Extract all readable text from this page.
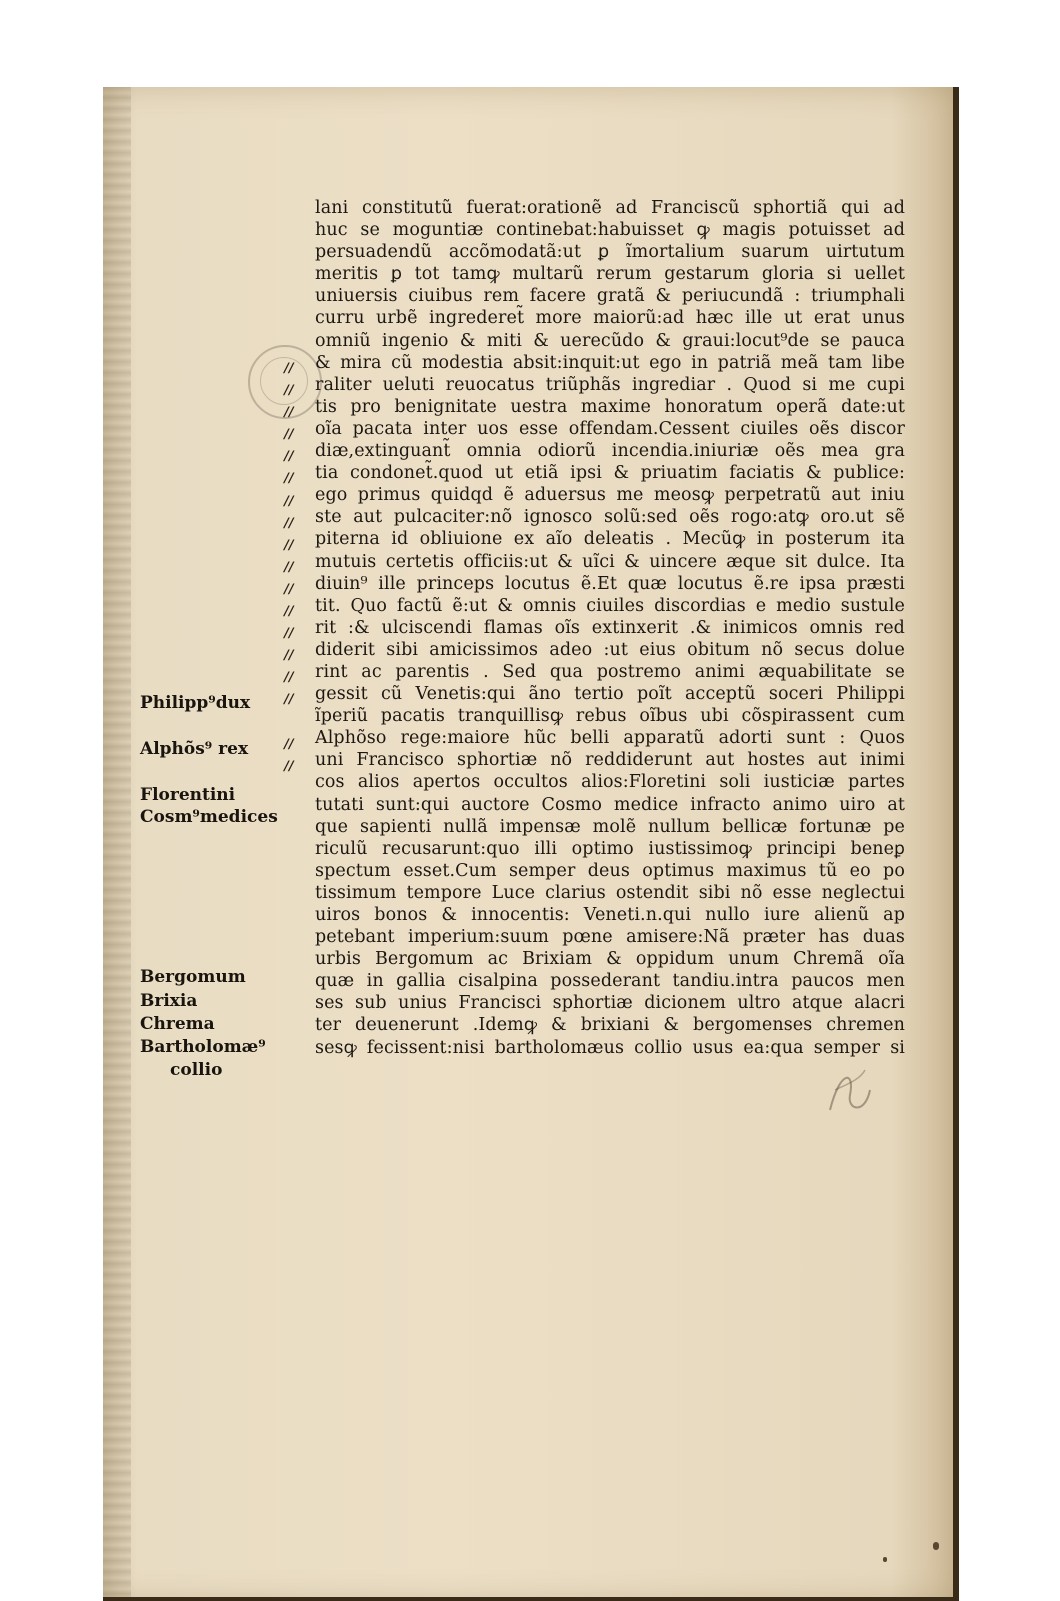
lani constitutũ fuerat:orationẽ ad Franciscũ sphortiã qui ad
huc se moguntiæ continebat:habuisset ꝙ magis potuisset ad
persuadendũ accõmodatã:ut ꝑ ĩmortalium suarum uirtutum
meritis ꝑ tot tamꝙ multarũ rerum gestarum gloria si uellet
uniuersis ciuibus rem facere gratã & periucundã : triumphali
curru urbẽ ingrederet̃ more maiorũ:ad hæc ille ut erat unus
omniũ ingenio & miti & uerecũdo & graui:locut⁹de se pauca
& mira cũ modestia absit:inquit:ut ego in patriã meã tam libe
raliter ueluti reuocatus triũphãs ingrediar . Quod si me cupi
tis pro benignitate uestra maxime honoratum operã date:ut
oĩa pacata inter uos esse offendam.Cessent ciuiles oẽs discor
diæ,extinguant̃ omnia odiorũ incendia.iniuriæ oẽs mea gra
tia condonet̃.quod ut etiã ipsi & priuatim faciatis & publice:
ego primus quidqd ẽ aduersus me meosꝙ perpetratũ aut iniu
ste aut pulcaciter:nõ ignosco solũ:sed oẽs rogo:atꝙ oro.ut sẽ
piterna id obliuione ex aĩo deleatis . Mecũꝙ in posterum ita
mutuis certetis officiis:ut & uĩci & uincere æque sit dulce. Ita
diuin⁹ ille princeps locutus ẽ.Et quæ locutus ẽ.re ipsa præsti
tit. Quo factũ ẽ:ut & omnis ciuiles discordias e medio sustule
rit :& ulciscendi flamas oĩs extinxerit .& inimicos omnis red
diderit sibi amicissimos adeo :ut eius obitum nõ secus dolue
rint ac parentis . Sed qua postremo animi æquabilitate se
gessit cũ Venetis:qui ãno tertio poĩt acceptũ soceri Philippi
ĩperiũ pacatis tranquillisꝙ rebus oĩbus ubi cõspirassent cum
Alphõso rege:maiore hũc belli apparatũ adorti sunt : Quos
uni Francisco sphortiæ nõ reddiderunt aut hostes aut inimi
cos alios apertos occultos alios:Floretini soli iusticiæ partes
tutati sunt:qui auctore Cosmo medice infracto animo uiro at
que sapienti nullã impensæ molẽ nullum bellicæ fortunæ pe
riculũ recusarunt:quo illi optimo iustissimoꝙ principi beneꝑ
spectum esset.Cum semper deus optimus maximus tũ eo po
tissimum tempore Luce clarius ostendit sibi nõ esse neglectui
uiros bonos & innocentis: Veneti.n.qui nullo iure alienũ ap
petebant imperium:suum pœne amisere:Nã præter has duas
urbis Bergomum ac Brixiam & oppidum unum Chremã oĩa
quæ in gallia cisalpina possederant tandiu.intra paucos men
ses sub unius Francisci sphortiæ dicionem ultro atque alacri
ter deuenerunt .Idemꝙ & brixiani & bergomenses chremen
sesꝙ fecissent:nisi bartholomæus collio usus ea:qua semper si
//
//
//
//
//
//
//
//
//
//
//
//
//
//
//
//
//
//
Philipp⁹dux
Alphõs⁹ rex
Florentini
Cosm⁹medices
Bergomum
Brixia
Chrema
Bartholomæ⁹
collio
